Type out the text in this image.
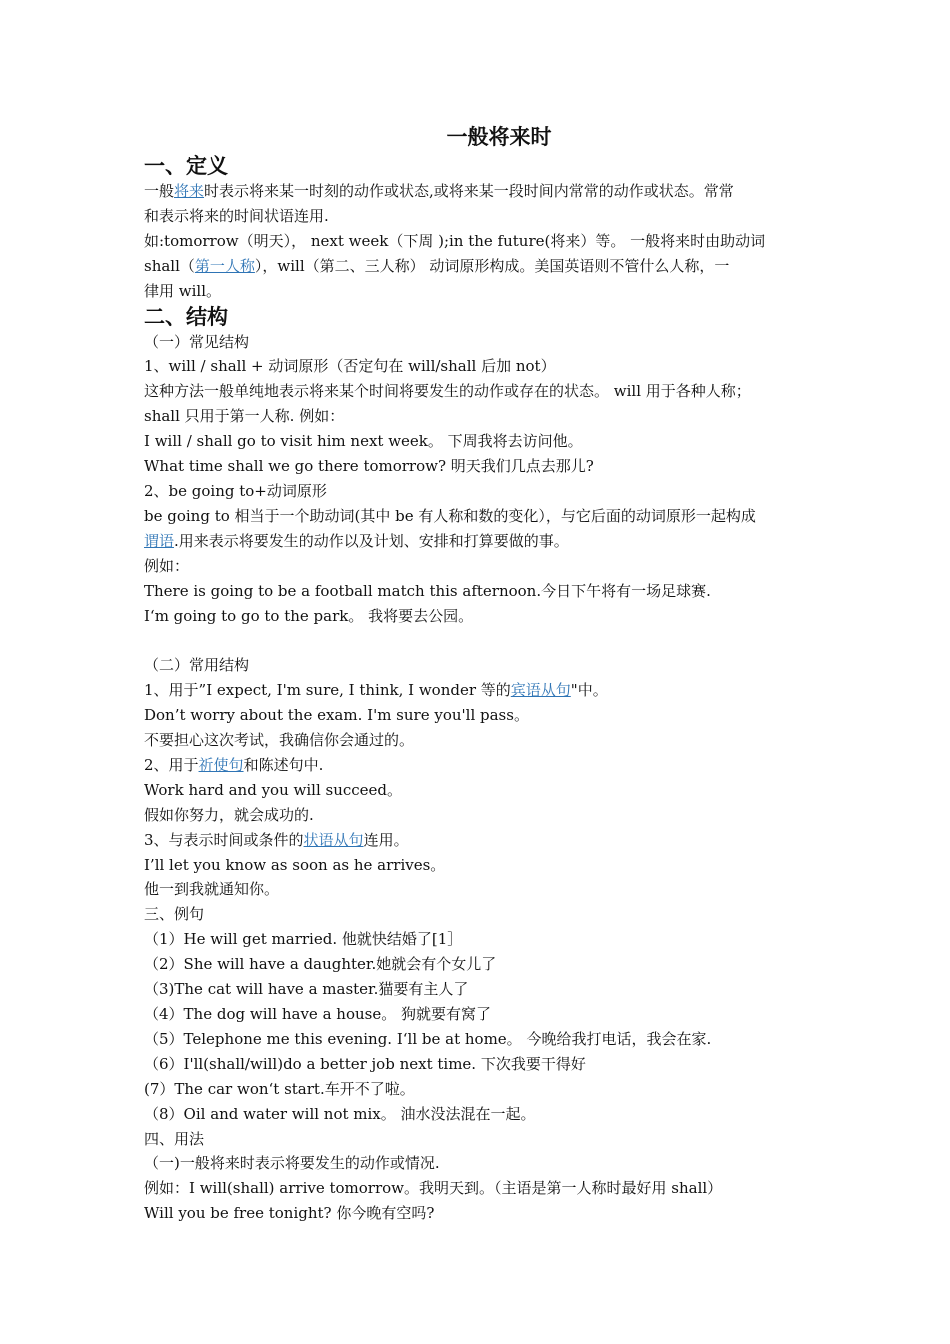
一般将来时
一、定义
一般将来时表示将来某一时刻的动作或状态,或将来某一段时间内常常的动作或状态。常常
和表示将来的时间状语连用.
如:tomorrow（明天）， next week（下周 );in the future(将来）等。 一般将来时由助动词
shall（第一人称），will（第二、三人称） 动词原形构成。美国英语则不管什么人称，一
律用 will。
二、结构
（一）常见结构
1、will / shall + 动词原形（否定句在 will/shall 后加 not）
这种方法一般单纯地表示将来某个时间将要发生的动作或存在的状态。 will 用于各种人称；
shall 只用于第一人称. 例如：
I will / shall go to visit him next week。 下周我将去访问他。
What time shall we go there tomorrow? 明天我们几点去那儿?
2、be going to+动词原形
be going to 相当于一个助动词(其中 be 有人称和数的变化），与它后面的动词原形一起构成
谓语.用来表示将要发生的动作以及计划、安排和打算要做的事。
例如：
There is going to be a football match this afternoon.今日下午将有一场足球赛.
I‘m going to go to the park。 我将要去公园。
（二）常用结构
1、用于”I expect, I'm sure, I think, I wonder 等的宾语从句"中。
Don’t worry about the exam. I'm sure you'll pass。
不要担心这次考试，我确信你会通过的。
2、用于祈使句和陈述句中.
Work hard and you will succeed。
假如你努力，就会成功的.
3、与表示时间或条件的状语从句连用。
I’ll let you know as soon as he arrives。
他一到我就通知你。
三、例句
（1）He will get married. 他就快结婚了[1］
（2）She will have a daughter.她就会有个女儿了
（3)The cat will have a master.猫要有主人了
（4）The dog will have a house。 狗就要有窝了
（5）Telephone me this evening. I‘ll be at home。 今晚给我打电话，我会在家.
（6）I'll(shall/will)do a better job next time. 下次我要干得好
(7）The car won‘t start.车开不了啦。
（8）Oil and water will not mix。 油水没法混在一起。
四、用法
（一)一般将来时表示将要发生的动作或情况.
例如：I will(shall) arrive tomorrow。我明天到。（主语是第一人称时最好用 shall）
Will you be free tonight? 你今晚有空吗?
